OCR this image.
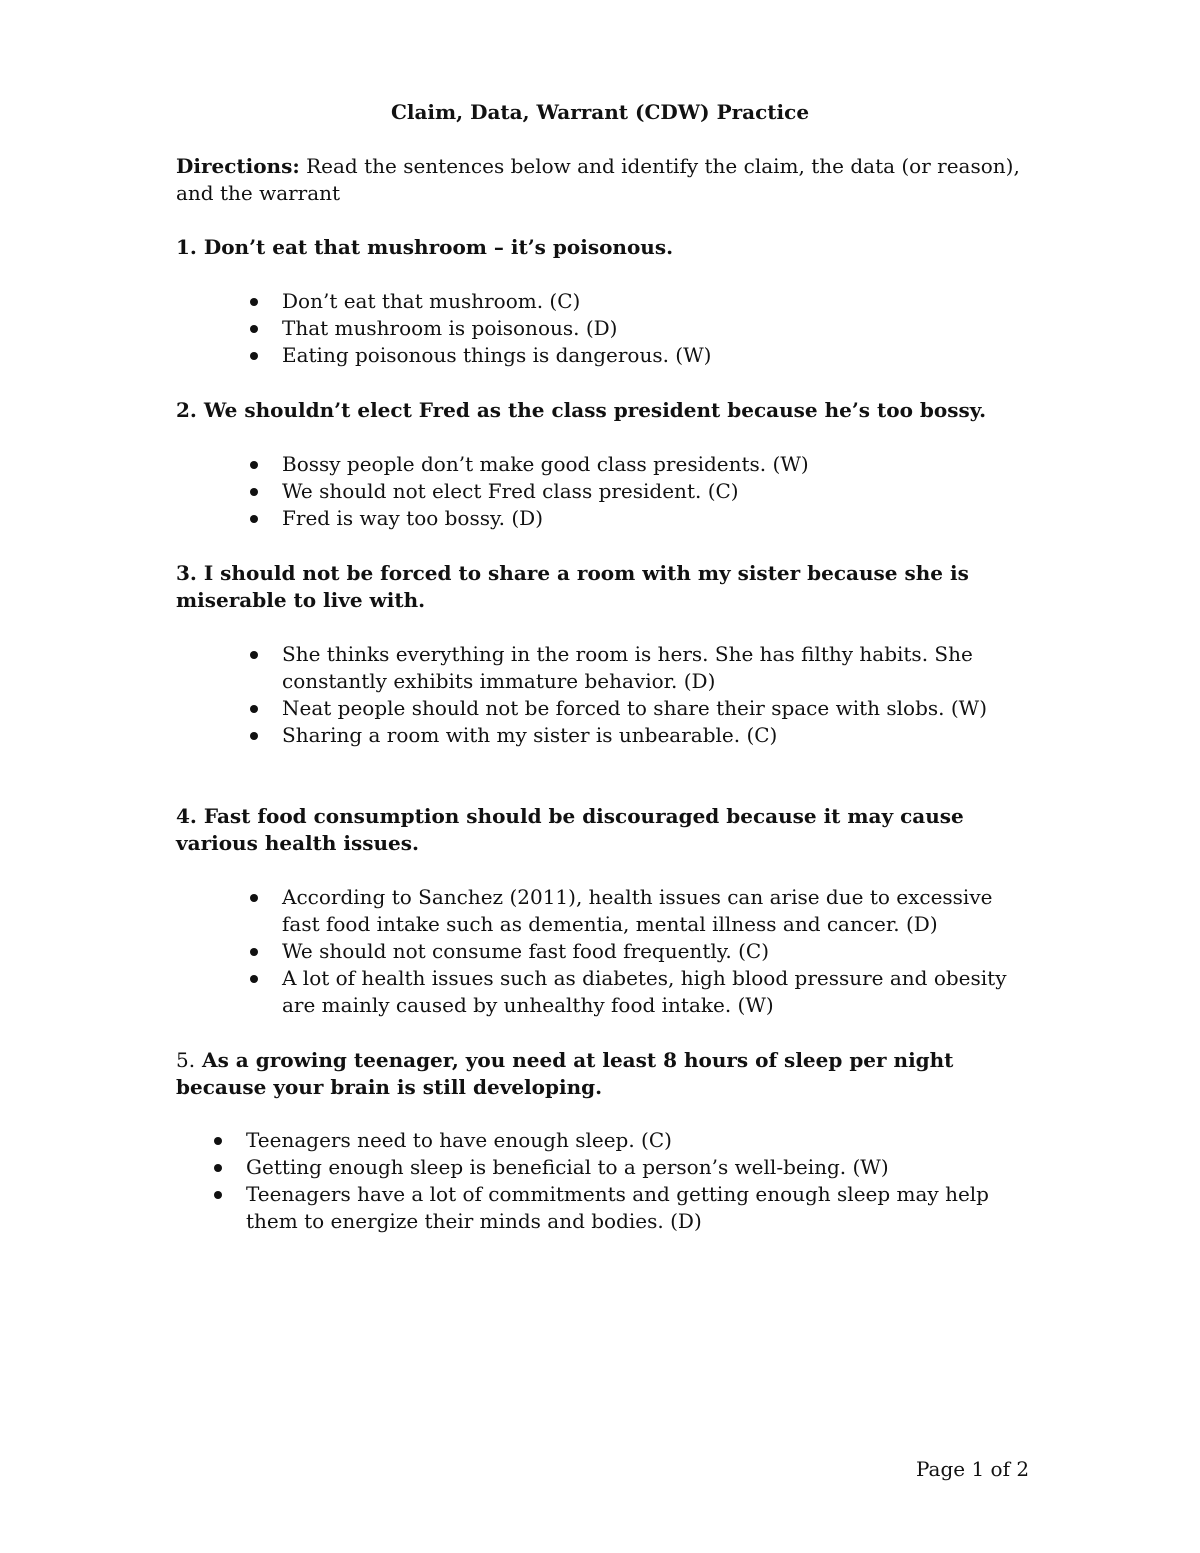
Claim, Data, Warrant (CDW) Practice
Directions: Read the sentences below and identify the claim, the data (or reason), and the warrant

1. Don’t eat that mushroom – it’s poisonous.

Don’t eat that mushroom. (C)
That mushroom is poisonous. (D)
Eating poisonous things is dangerous. (W)

2. We shouldn’t elect Fred as the class president because he’s too bossy.

Bossy people don’t make good class presidents. (W)
We should not elect Fred class president. (C)
Fred is way too bossy. (D)

3. I should not be forced to share a room with my sister because she is miserable to live with.

She thinks everything in the room is hers. She has filthy habits. She constantly exhibits immature behavior. (D)
Neat people should not be forced to share their space with slobs. (W)
Sharing a room with my sister is unbearable. (C)

4. Fast food consumption should be discouraged because it may cause various health issues.

According to Sanchez (2011), health issues can arise due to excessive fast food intake such as dementia, mental illness and cancer. (D)
We should not consume fast food frequently. (C)
A lot of health issues such as diabetes, high blood pressure and obesity are mainly caused by unhealthy food intake. (W)

5. As a growing teenager, you need at least 8 hours of sleep per night because your brain is still developing.

Teenagers need to have enough sleep. (C)
Getting enough sleep is beneficial to a person’s well-being. (W)
Teenagers have a lot of commitments and getting enough sleep may help them to energize their minds and bodies. (D)
Page 1 of 2
